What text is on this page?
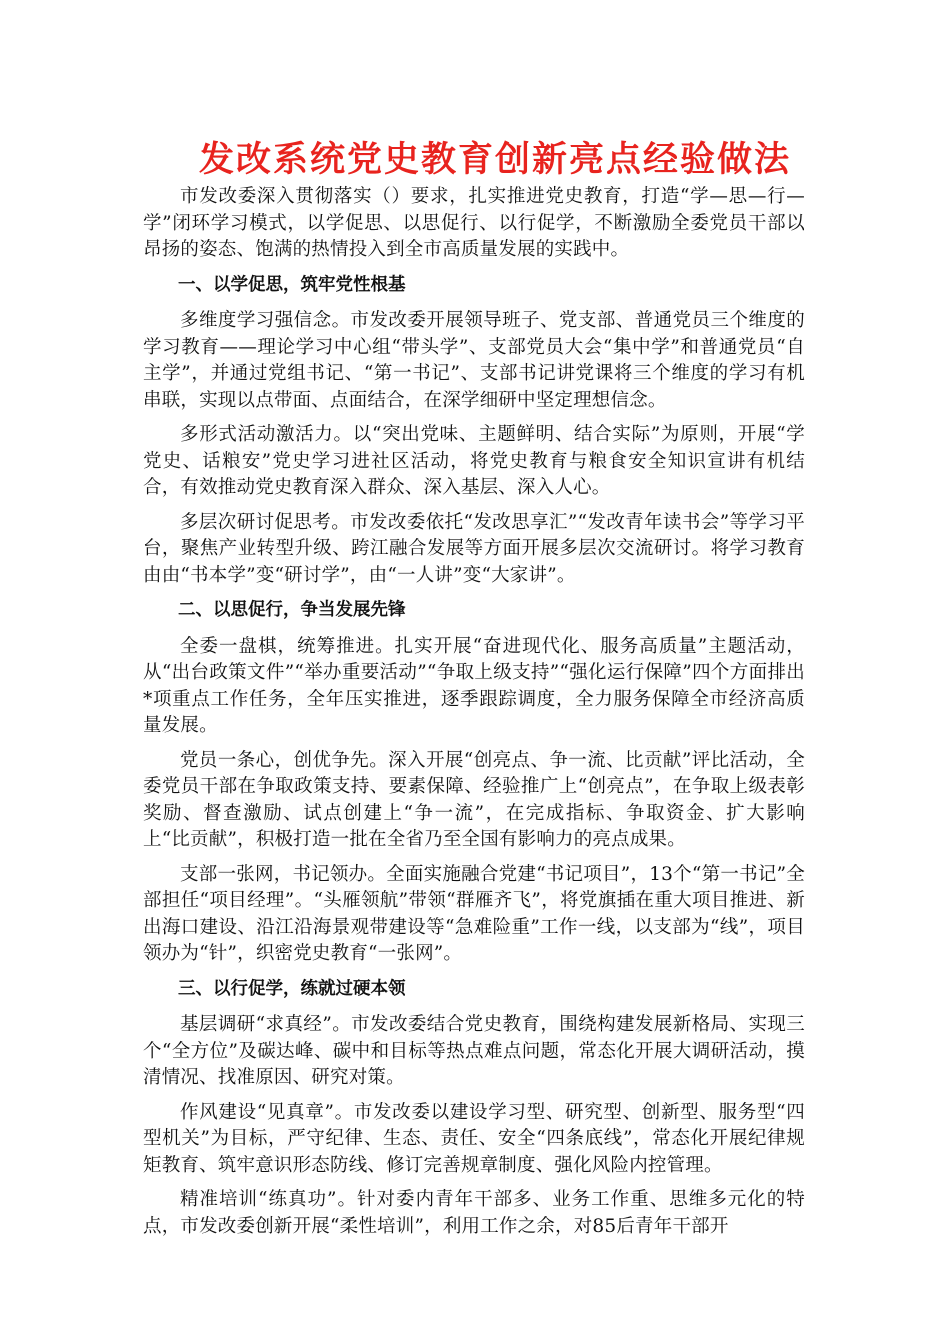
发改系统党史教育创新亮点经验做法

市发改委深入贯彻落实（）要求，扎实推进党史教育，打造“学—思—行—学”闭环学习模式，以学促思、以思促行、以行促学，不断激励全委党员干部以昂扬的姿态、饱满的热情投入到全市高质量发展的实践中。

一、以学促思，筑牢党性根基

多维度学习强信念。市发改委开展领导班子、党支部、普通党员三个维度的学习教育——理论学习中心组“带头学”、支部党员大会“集中学”和普通党员“自主学”，并通过党组书记、“第一书记”、支部书记讲党课将三个维度的学习有机串联，实现以点带面、点面结合，在深学细研中坚定理想信念。

多形式活动激活力。以“突出党味、主题鲜明、结合实际”为原则，开展“学党史、话粮安”党史学习进社区活动，将党史教育与粮食安全知识宣讲有机结合，有效推动党史教育深入群众、深入基层、深入人心。

多层次研讨促思考。市发改委依托“发改思享汇”“发改青年读书会”等学习平台，聚焦产业转型升级、跨江融合发展等方面开展多层次交流研讨。将学习教育由由“书本学”变“研讨学”，由“一人讲”变“大家讲”。

二、以思促行，争当发展先锋

全委一盘棋，统筹推进。扎实开展“奋进现代化、服务高质量”主题活动，从“出台政策文件”“举办重要活动”“争取上级支持”“强化运行保障”四个方面排出*项重点工作任务，全年压实推进，逐季跟踪调度，全力服务保障全市经济高质量发展。

党员一条心，创优争先。深入开展“创亮点、争一流、比贡献”评比活动，全委党员干部在争取政策支持、要素保障、经验推广上“创亮点”，在争取上级表彰奖励、督查激励、试点创建上“争一流”，在完成指标、争取资金、扩大影响上“比贡献”，积极打造一批在全省乃至全国有影响力的亮点成果。

支部一张网，书记领办。全面实施融合党建“书记项目”，13个“第一书记”全部担任“项目经理”。“头雁领航”带领“群雁齐飞”，将党旗插在重大项目推进、新出海口建设、沿江沿海景观带建设等“急难险重”工作一线，以支部为“线”，项目领办为“针”，织密党史教育“一张网”。

三、以行促学，练就过硬本领

基层调研“求真经”。市发改委结合党史教育，围绕构建发展新格局、实现三个“全方位”及碳达峰、碳中和目标等热点难点问题，常态化开展大调研活动，摸清情况、找准原因、研究对策。

作风建设“见真章”。市发改委以建设学习型、研究型、创新型、服务型“四型机关”为目标，严守纪律、生态、责任、安全“四条底线”，常态化开展纪律规矩教育、筑牢意识形态防线、修订完善规章制度、强化风险内控管理。

精准培训“练真功”。针对委内青年干部多、业务工作重、思维多元化的特点，市发改委创新开展“柔性培训”，利用工作之余，对85后青年干部开
